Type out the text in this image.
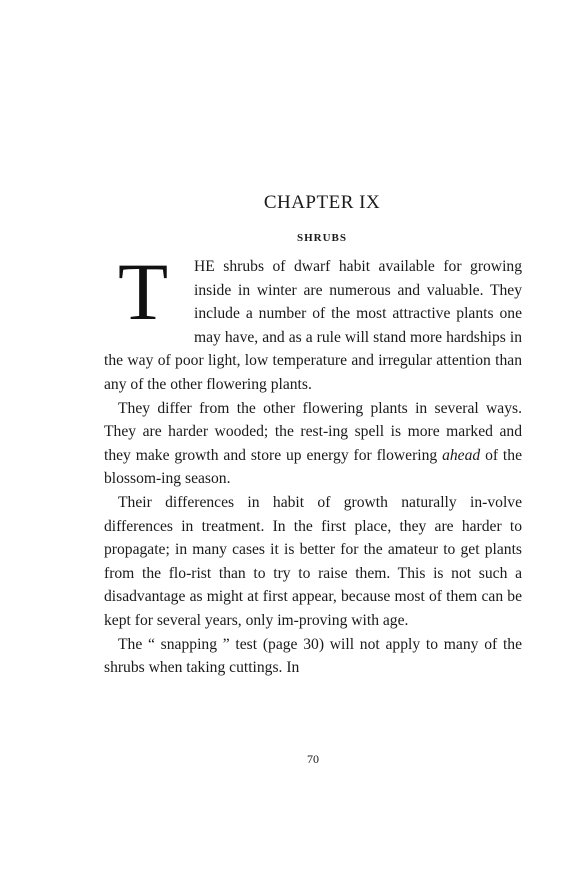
CHAPTER IX
SHRUBS

T HE shrubs of dwarf habit available for growing inside in winter are numerous and valuable. They include a number of the most attractive plants one may have, and as a rule will stand more hardships in the way of poor light, low temperature and irregular attention than any of the other flowering plants.

They differ from the other flowering plants in several ways. They are harder wooded; the rest-ing spell is more marked and they make growth and store up energy for flowering ahead of the blossom-ing season.

Their differences in habit of growth naturally in-volve differences in treatment. In the first place, they are harder to propagate; in many cases it is better for the amateur to get plants from the flo-rist than to try to raise them. This is not such a disadvantage as might at first appear, because most of them can be kept for several years, only im-proving with age.

The “ snapping ” test (page 30) will not apply to many of the shrubs when taking cuttings. In

70
